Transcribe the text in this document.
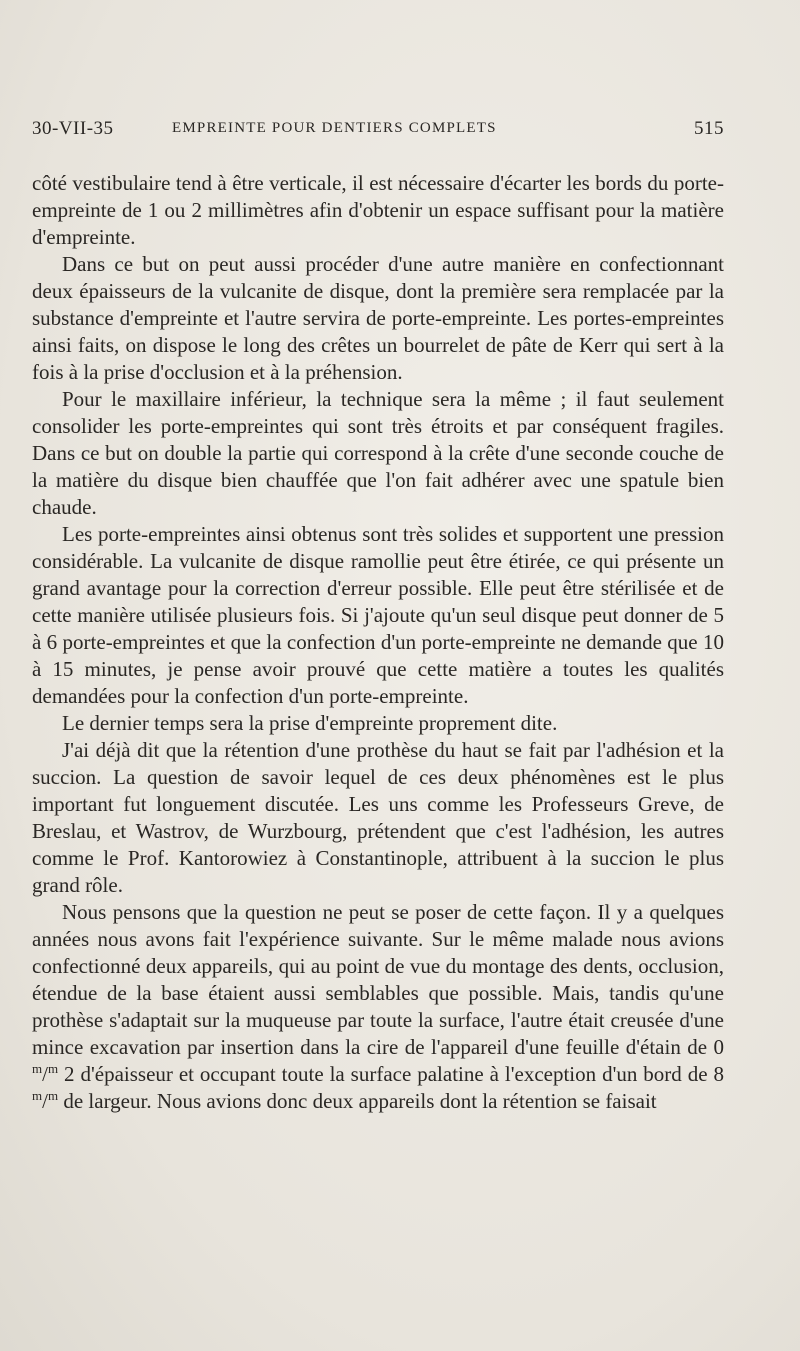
30-VII-35	EMPREINTE POUR DENTIERS COMPLETS	515

côté vestibulaire tend à être verticale, il est nécessaire d'écarter les bords du porte-empreinte de 1 ou 2 millimètres afin d'obtenir un espace suffisant pour la matière d'empreinte.

Dans ce but on peut aussi procéder d'une autre manière en confectionnant deux épaisseurs de la vulcanite de disque, dont la première sera remplacée par la substance d'empreinte et l'autre servira de porte-empreinte. Les portes-empreintes ainsi faits, on dispose le long des crêtes un bourrelet de pâte de Kerr qui sert à la fois à la prise d'occlusion et à la préhension.

Pour le maxillaire inférieur, la technique sera la même ; il faut seulement consolider les porte-empreintes qui sont très étroits et par conséquent fragiles. Dans ce but on double la partie qui correspond à la crête d'une seconde couche de la matière du disque bien chauffée que l'on fait adhérer avec une spatule bien chaude.

Les porte-empreintes ainsi obtenus sont très solides et supportent une pression considérable. La vulcanite de disque ramollie peut être étirée, ce qui présente un grand avantage pour la correction d'erreur possible. Elle peut être stérilisée et de cette manière utilisée plusieurs fois. Si j'ajoute qu'un seul disque peut donner de 5 à 6 porte-empreintes et que la confection d'un porte-empreinte ne demande que 10 à 15 minutes, je pense avoir prouvé que cette matière a toutes les qualités demandées pour la confection d'un porte-empreinte.

Le dernier temps sera la prise d'empreinte proprement dite.

J'ai déjà dit que la rétention d'une prothèse du haut se fait par l'adhésion et la succion. La question de savoir lequel de ces deux phénomènes est le plus important fut longuement discutée. Les uns comme les Professeurs Greve, de Breslau, et Wastrov, de Wurzbourg, prétendent que c'est l'adhésion, les autres comme le Prof. Kantorowiez à Constantinople, attribuent à la succion le plus grand rôle.

Nous pensons que la question ne peut se poser de cette façon. Il y a quelques années nous avons fait l'expérience suivante. Sur le même malade nous avions confectionné deux appareils, qui au point de vue du montage des dents, occlusion, étendue de la base étaient aussi semblables que possible. Mais, tandis qu'une prothèse s'adaptait sur la muqueuse par toute la surface, l'autre était creusée d'une mince excavation par insertion dans la cire de l'appareil d'une feuille d'étain de 0 $^m$/$^m$ 2 d'épaisseur et occupant toute la surface palatine à l'exception d'un bord de 8 $^m$/$^m$ de largeur. Nous avions donc deux appareils dont la rétention se faisait
